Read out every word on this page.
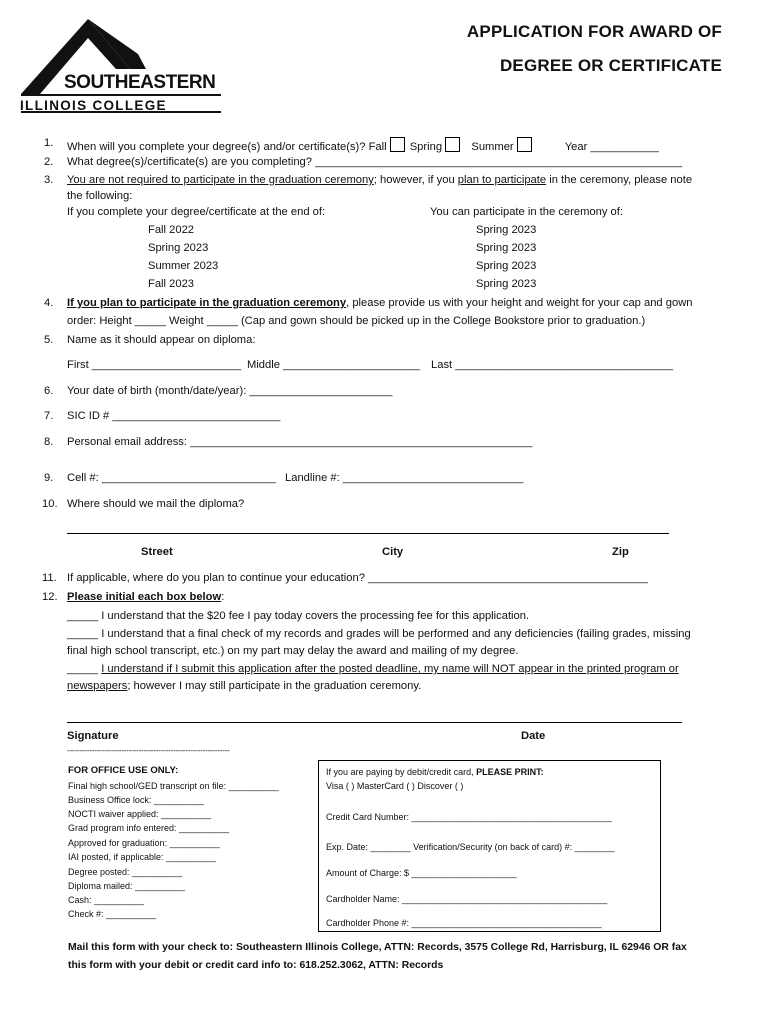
SOUTHEASTERN
ILLINOIS COLLEGE
APPLICATION FOR AWARD OF
DEGREE OR CERTIFICATE
1. When will you complete your degree(s) and/or certificate(s)? Fall Spring	Summer	Year ___________
2. What degree(s)/certificate(s) are you completing? ___________________________________________________________
3. You are not required to participate in the graduation ceremony; however, if you plan to participate in the ceremony, please note
the following:
If you complete your degree/certificate at the end of:	You can participate in the ceremony of:
Fall 2022	Spring 2023
Spring 2023	Spring 2023
Summer 2023	Spring 2023
Fall 2023	Spring 2023
4. If you plan to participate in the graduation ceremony, please provide us with your height and weight for your cap and gown
order: Height _____ Weight _____ (Cap and gown should be picked up in the College Bookstore prior to graduation.)
5. Name as it should appear on diploma:
First ________________________ Middle ______________________ Last ___________________________________
6. Your date of birth (month/date/year): _______________________
7. SIC ID # ___________________________
8. Personal email address: _______________________________________________________
9. Cell #: ____________________________ Landline #: _____________________________
10. Where should we mail the diploma?
Street	City	Zip
11. If applicable, where do you plan to continue your education? _____________________________________________
12. Please initial each box below:
_____ I understand that the $20 fee I pay today covers the processing fee for this application.
_____ I understand that a final check of my records and grades will be performed and any deficiencies (failing grades, missing
final high school transcript, etc.) on my part may delay the award and mailing of my degree.
_____ I understand if I submit this application after the posted deadline, my name will NOT appear in the printed program or
newspapers; however I may still participate in the graduation ceremony.
Signature	Date
------------------------------------------------------------------
FOR OFFICE USE ONLY:
Final high school/GED transcript on file: __________
Business Office lock: __________
NOCTI waiver applied: __________
Grad program info entered: __________
Approved for graduation: __________
IAI posted, if applicable: __________
Degree posted: __________
Diploma mailed: __________
Cash: __________
Check #: __________
If you are paying by debit/credit card, PLEASE PRINT:
Visa ( ) MasterCard ( ) Discover ( )
Credit Card Number: ________________________________________
Exp. Date: ________ Verification/Security (on back of card) #: ________
Amount of Charge: $ _____________________
Cardholder Name: _________________________________________
Cardholder Phone #: ______________________________________
Mail this form with your check to: Southeastern Illinois College, ATTN: Records, 3575 College Rd, Harrisburg, IL 62946 OR fax
this form with your debit or credit card info to: 618.252.3062, ATTN: Records
